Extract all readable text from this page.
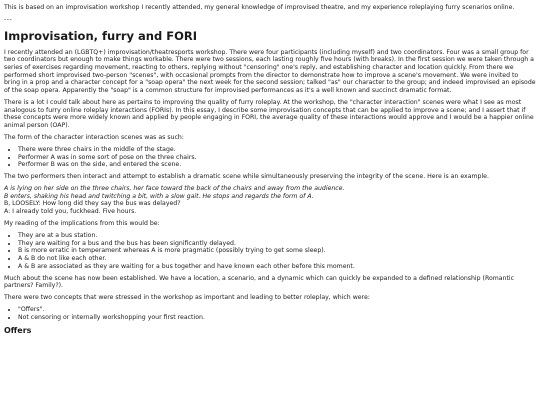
This is based on an improvisation workshop I recently attended, my general knowledge of improvised theatre, and my experience roleplaying furry scenarios online.

---

Improvisation, furry and FORI

I recently attended an (LGBTQ+) improvisation/theatresports workshop. There were four participants (including myself) and two coordinators. Four was a small group for two coordinators but enough to make things workable. There were two sessions, each lasting roughly five hours (with breaks). In the first session we were taken through a series of exercises regarding movement, reacting to others, replying without "censoring" one's reply, and establishing character and location quickly. From there we performed short improvised two-person "scenes", with occasional prompts from the director to demonstrate how to improve a scene's movement. We were invited to bring in a prop and a character concept for a "soap opera" the next week for the second session; talked "as" our character to the group; and indeed improvised an episode of the soap opera. Apparently the "soap" is a common structure for improvised performances as it's a well known and succinct dramatic format.

There is a lot I could talk about here as pertains to improving the quality of furry roleplay. At the workshop, the "character interaction" scenes were what I see as most analogous to furry online roleplay interactions (FORIs). In this essay, I describe some improvisation concepts that can be applied to improve a scene; and I assert that if these concepts were more widely known and applied by people engaging in FORI, the average quality of these interactions would approve and I would be a happier online animal person (OAP).

The form of the character interaction scenes was as such:

• There were three chairs in the middle of the stage.
• Performer A was in some sort of pose on the three chairs.
• Performer B was on the side, and entered the scene.

The two performers then interact and attempt to establish a dramatic scene while simultaneously preserving the integrity of the scene. Here is an example.

A is lying on her side on the three chairs, her face toward the back of the chairs and away from the audience.
B enters, shaking his head and twitching a bit, with a slow gait. He stops and regards the form of A.
B, LOOSELY: How long did they say the bus was delayed?
A: I already told you, fuckhead. Five hours.

My reading of the implications from this would be:

• They are at a bus station.
• They are waiting for a bus and the bus has been significantly delayed.
• B is more erratic in temperament whereas A is more pragmatic (possibly trying to get some sleep).
• A & B do not like each other.
• A & B are associated as they are waiting for a bus together and have known each other before this moment.

Much about the scene has now been established. We have a location, a scenario, and a dynamic which can quickly be expanded to a defined relationship (Romantic partners? Family?).

There were two concepts that were stressed in the workshop as important and leading to better roleplay, which were:

• "Offers".
• Not censoring or internally workshopping your first reaction.
Offers
